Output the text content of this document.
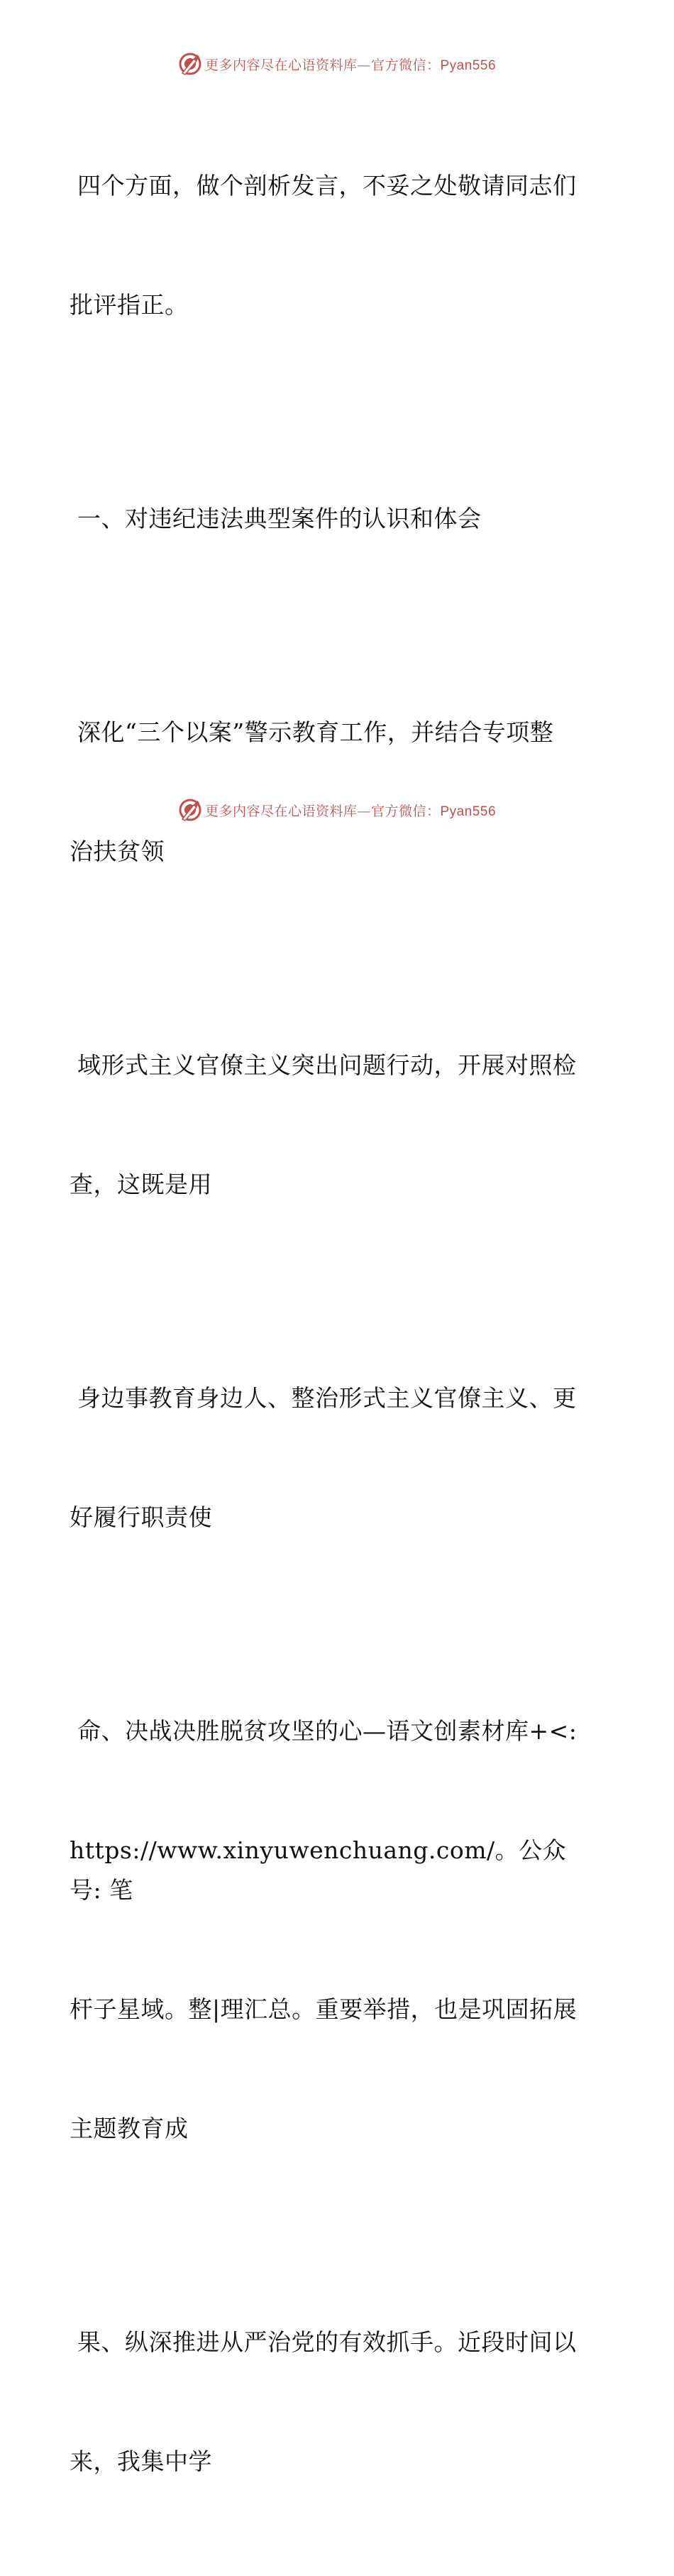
更多内容尽在心语资料库—官方微信：Pyan556

四个方面，做个剖析发言，不妥之处敬请同志们

批评指正。

一、对违纪违法典型案件的认识和体会

深化“三个以案”警示教育工作，并结合专项整

治扶贫领

域形式主义官僚主义突出问题行动，开展对照检

查，这既是用

身边事教育身边人、整治形式主义官僚主义、更

好履行职责使

命、决战决胜脱贫攻坚的心—语文创素材库+<:

https://www.xinyuwenchuang.com/。公众号: 笔

杆子星域。整|理汇总。重要举措，也是巩固拓展

主题教育成

果、纵深推进从严治党的有效抓手。近段时间以

来，我集中学

更多内容尽在心语资料库—官方微信：Pyan556
